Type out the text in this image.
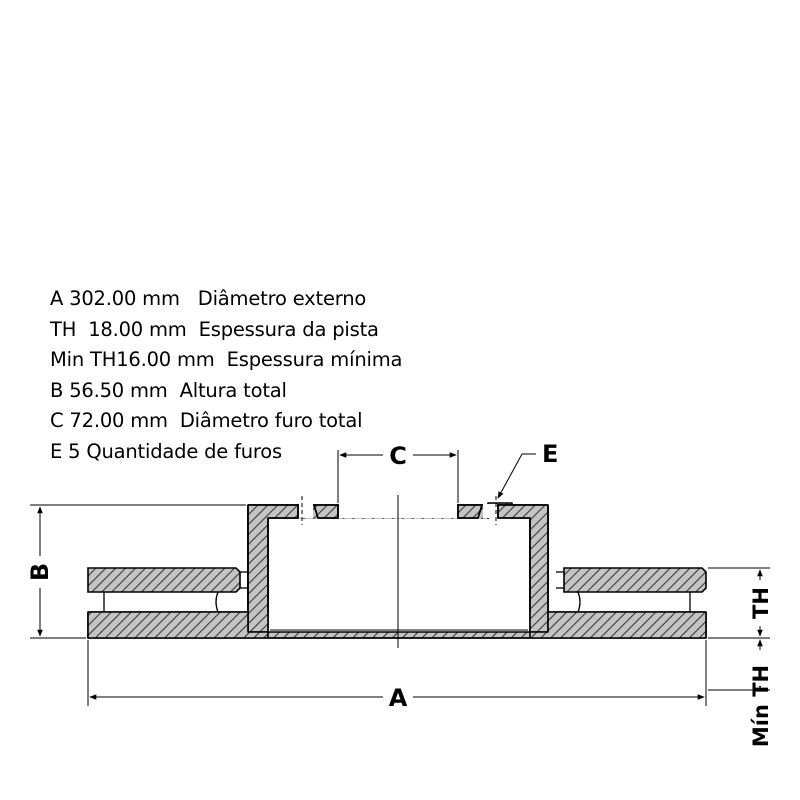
A 302.00 mm Diâmetro externo
TH 18.00 mm Espessura da pista
Min TH16.00 mm Espessura mínima
B 56.50 mm Altura total
C 72.00 mm Diâmetro furo total
E 5 Quantidade de furos
B
A
C	E
TH
Mín TH
